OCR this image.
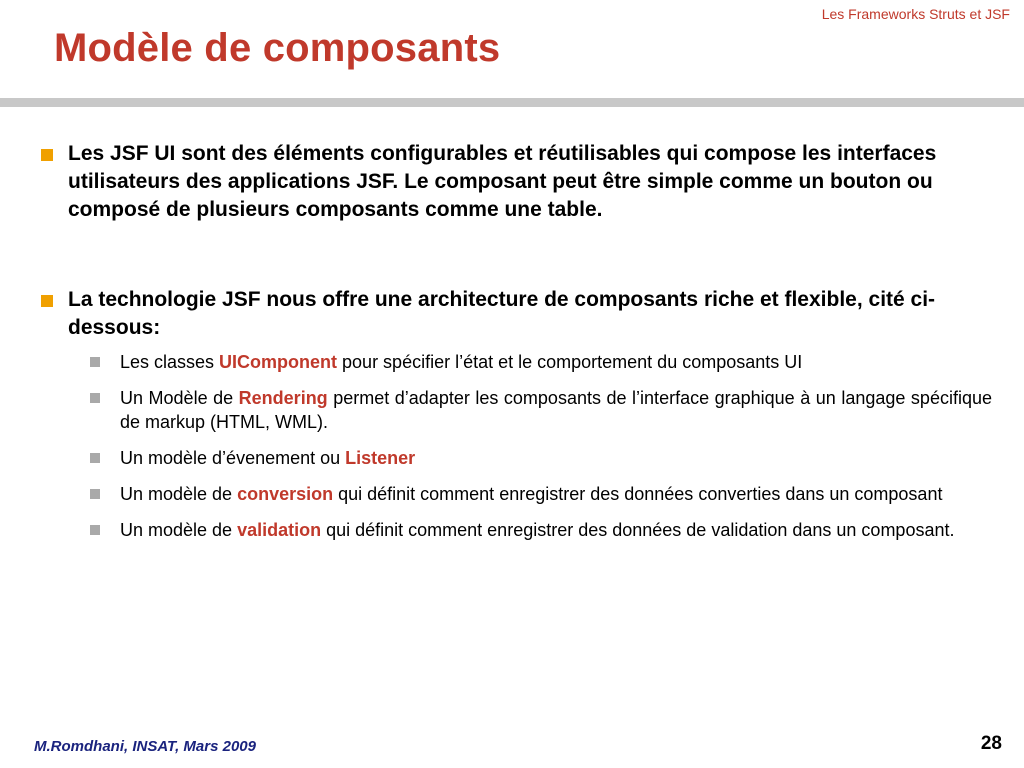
Les Frameworks Struts et JSF
Modèle de composants
Les JSF UI sont des éléments configurables et réutilisables qui compose les interfaces utilisateurs des applications JSF. Le composant peut être simple comme un bouton ou composé de plusieurs composants comme une table.
La technologie JSF nous offre une architecture de composants riche et flexible, cité ci-dessous:
Les classes UIComponent pour spécifier l’état et le comportement du composants UI
Un Modèle de Rendering permet d’adapter les composants de l’interface graphique à un langage spécifique de markup (HTML, WML).
Un modèle d’évenement ou Listener
Un modèle de conversion qui définit comment enregistrer des données converties dans un composant
Un modèle de validation qui définit comment enregistrer des données de validation dans un composant.
M.Romdhani, INSAT, Mars 2009	28
